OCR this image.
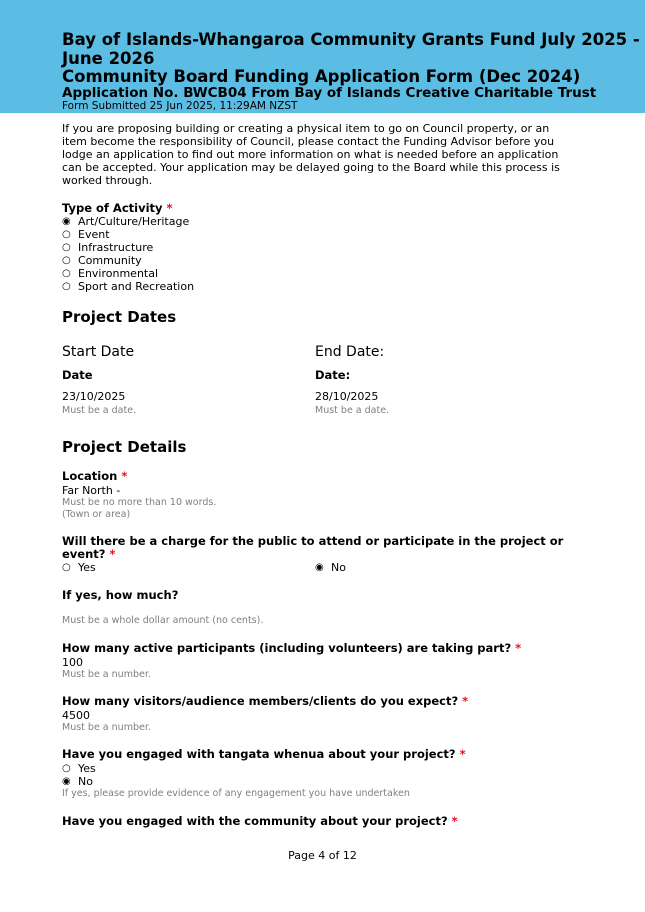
Bay of Islands-Whangaroa Community Grants Fund July 2025 -
June 2026
Community Board Funding Application Form (Dec 2024)
Application No. BWCB04 From Bay of Islands Creative Charitable Trust
Form Submitted 25 Jun 2025, 11:29AM NZST
If you are proposing building or creating a physical item to go on Council property, or an
item become the responsibility of Council, please contact the Funding Advisor before you
lodge an application to find out more information on what is needed before an application
can be accepted. Your application may be delayed going to the Board while this process is
worked through.
Type of Activity *
◉ Art/Culture/Heritage
○ Event
○ Infrastructure
○ Community
○ Environmental
○ Sport and Recreation
Project Dates
Start Date
Date
23/10/2025
Must be a date.
End Date:
Date:
28/10/2025
Must be a date.
Project Details
Location *
Far North -
Must be no more than 10 words.
(Town or area)
Will there be a charge for the public to attend or participate in the project or
event? *
○ Yes	◉ No
If yes, how much?
Must be a whole dollar amount (no cents).
How many active participants (including volunteers) are taking part? *
100
Must be a number.
How many visitors/audience members/clients do you expect? *
4500
Must be a number.
Have you engaged with tangata whenua about your project? *
○ Yes
◉ No
If yes, please provide evidence of any engagement you have undertaken
Have you engaged with the community about your project? *
Page 4 of 12
